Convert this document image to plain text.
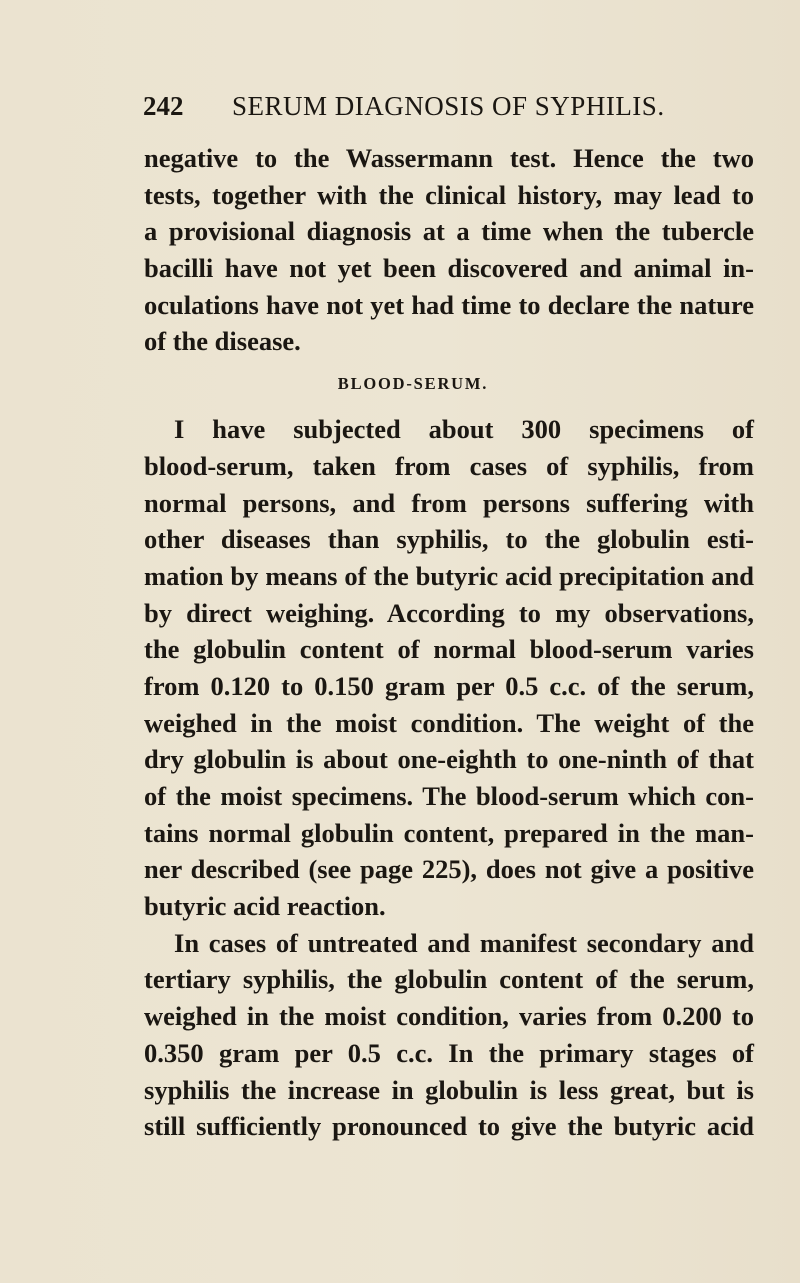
242 SERUM DIAGNOSIS OF SYPHILIS.
negative to the Wassermann test. Hence the two
tests, together with the clinical history, may lead to
a provisional diagnosis at a time when the tubercle
bacilli have not yet been discovered and animal in-
oculations have not yet had time to declare the nature
of the disease.
BLOOD-SERUM.
I have subjected about 300 specimens of
blood-serum, taken from cases of syphilis, from
normal persons, and from persons suffering with
other diseases than syphilis, to the globulin esti-
mation by means of the butyric acid precipitation and
by direct weighing. According to my observations,
the globulin content of normal blood-serum varies
from 0.120 to 0.150 gram per 0.5 c.c. of the serum,
weighed in the moist condition. The weight of the
dry globulin is about one-eighth to one-ninth of that
of the moist specimens. The blood-serum which con-
tains normal globulin content, prepared in the man-
ner described (see page 225), does not give a positive
butyric acid reaction.
In cases of untreated and manifest secondary and
tertiary syphilis, the globulin content of the serum,
weighed in the moist condition, varies from 0.200 to
0.350 gram per 0.5 c.c. In the primary stages of
syphilis the increase in globulin is less great, but is
still sufficiently pronounced to give the butyric acid
